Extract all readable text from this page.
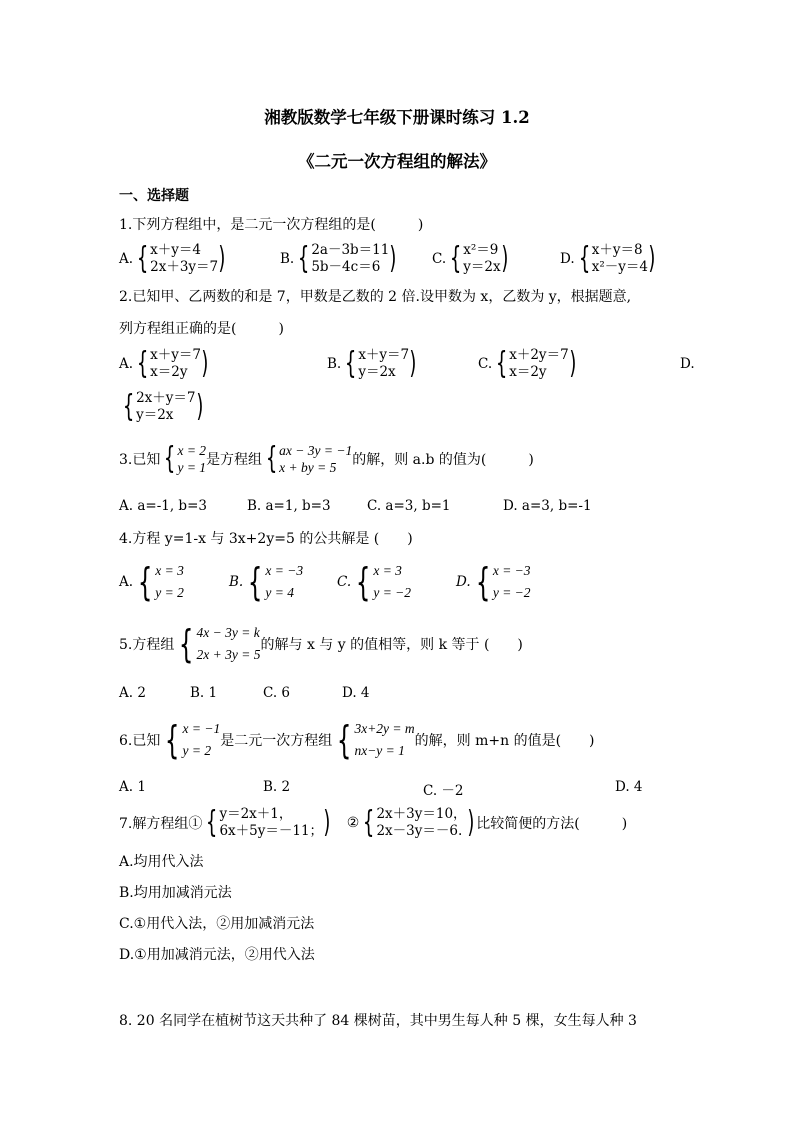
湘教版数学七年级下册课时练习 1.2
《二元一次方程组的解法》
一、选择题
1.下列方程组中，是二元一次方程组的是(　　　)
A. { x＋y＝4
2x＋3y＝7 )	B. { 2a－3b＝11
5b－4c＝6 )	C. { x²＝9
y＝2x )	D. { x＋y＝8
x²－y＝4 )
2.已知甲、乙两数的和是 7，甲数是乙数的 2 倍.设甲数为 x，乙数为 y，根据题意,
列方程组正确的是(　　　)
A. { x＋y＝7
x＝2y )	B. { x＋y＝7
y＝2x )	C. { x＋2y＝7
x＝2y )	D.
{ 2x＋y＝7
y＝2x )
3.已知 { x = 2
y = 1 是方程组 { ax − 3y = −1
x + by = 5	的解，则 a.b 的值为(　　　)
A. a=-1, b=3	B. a=1, b=3	C. a=3, b=1	D. a=3, b=-1
4.方程 y=1-x 与 3x+2y=5 的公共解是 (　　)
A. { x = 3
y = 2
B. { x = −3
y = 4
C. { x = 3
y = −2
D. { x = −3
y = −2
5.方程组 { 4x − 3y = k
2x + 3y = 5
的解与 x 与 y 的值相等，则 k 等于 (　　)
A. 2	B. 1	C. 6	D. 4
6.已知 { x = −1
y = 2
是二元一次方程组 { 3x+2y = m
nx−y = 1
的解，则 m+n 的值是(　　)
A. 1	B. 2	C. －2	D. 4
7.解方程组① { y＝2x＋1，
6x＋5y＝－11； ) ② { 2x＋3y＝10，
2x－3y＝－6. ) 比较简便的方法(　　　)
A.均用代入法
B.均用加减消元法
C.①用代入法，②用加减消元法
D.①用加减消元法，②用代入法
8. 20 名同学在植树节这天共种了 84 棵树苗，其中男生每人种 5 棵，女生每人种 3
